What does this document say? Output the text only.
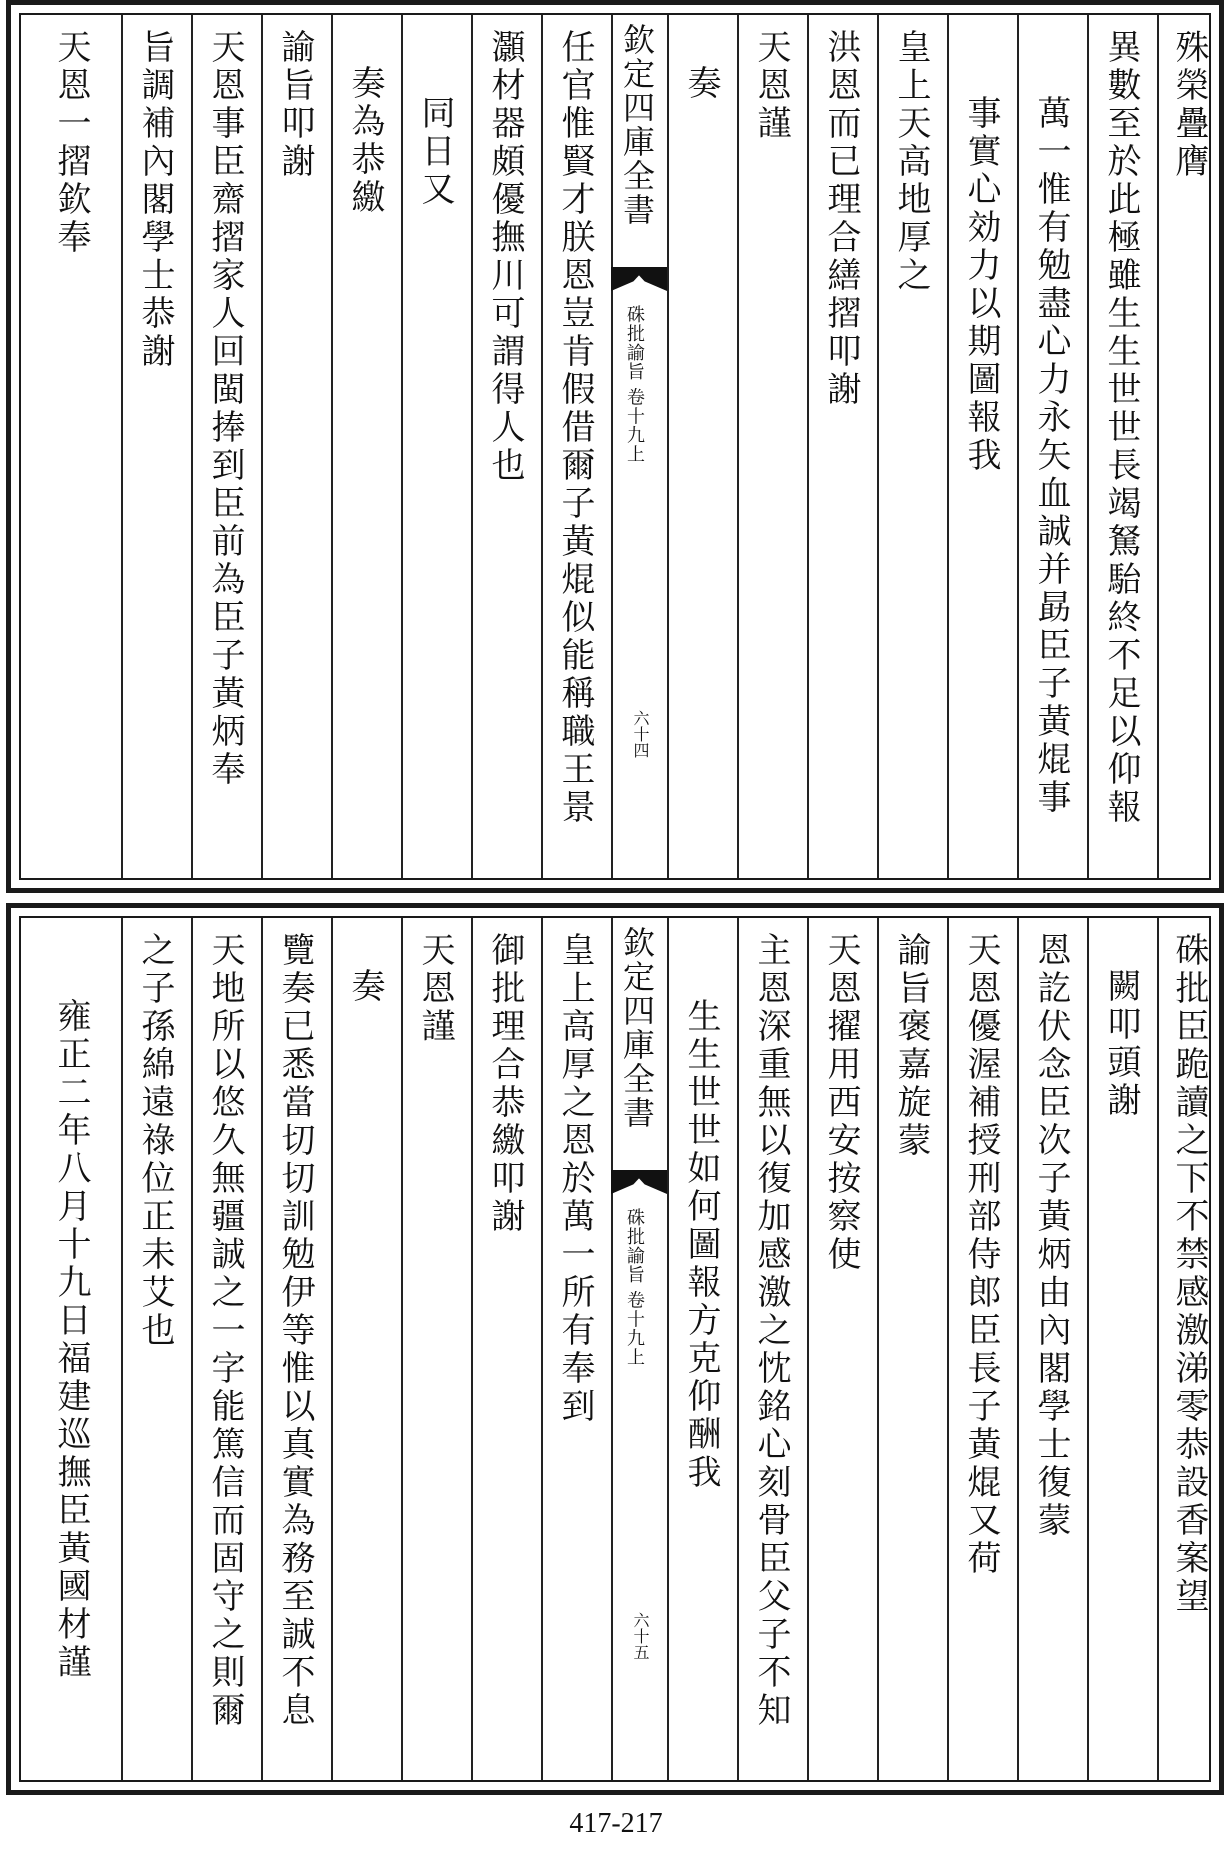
殊榮疊膺
異數至於此極雖生生世世長竭駑駘終不足以仰報
萬一惟有勉盡心力永矢血誠并勗臣子黃焜事
事實心効力以期圖報我
皇上天高地厚之
洪恩而已理合繕摺叩謝
天恩謹
奏
欽定四庫全書
硃批諭旨 卷十九上
六十四
任官惟賢才朕恩豈肯假借爾子黃焜似能稱職王景
灝材器頗優撫川可謂得人也
同日又
奏為恭繳
諭旨叩謝
天恩事臣齋摺家人回閩捧到臣前為臣子黃炳奉
旨調補內閣學士恭謝
天恩一摺欽奉
硃批臣跪讀之下不禁感激涕零恭設香案望
闕叩頭謝
恩訖伏念臣次子黃炳由內閣學士復蒙
天恩優渥補授刑部侍郎臣長子黃焜又荷
諭旨褒嘉旋蒙
天恩擢用西安按察使
主恩深重無以復加感激之忱銘心刻骨臣父子不知
生生世世如何圖報方克仰酬我
欽定四庫全書
硃批諭旨 卷十九上
六十五
皇上高厚之恩於萬一所有奉到
御批理合恭繳叩謝
天恩謹
奏
覽奏已悉當切切訓勉伊等惟以真實為務至誠不息
天地所以悠久無疆誠之一字能篤信而固守之則爾
之子孫綿遠祿位正未艾也
雍正二年八月十九日福建巡撫臣黃國材謹
417-217
